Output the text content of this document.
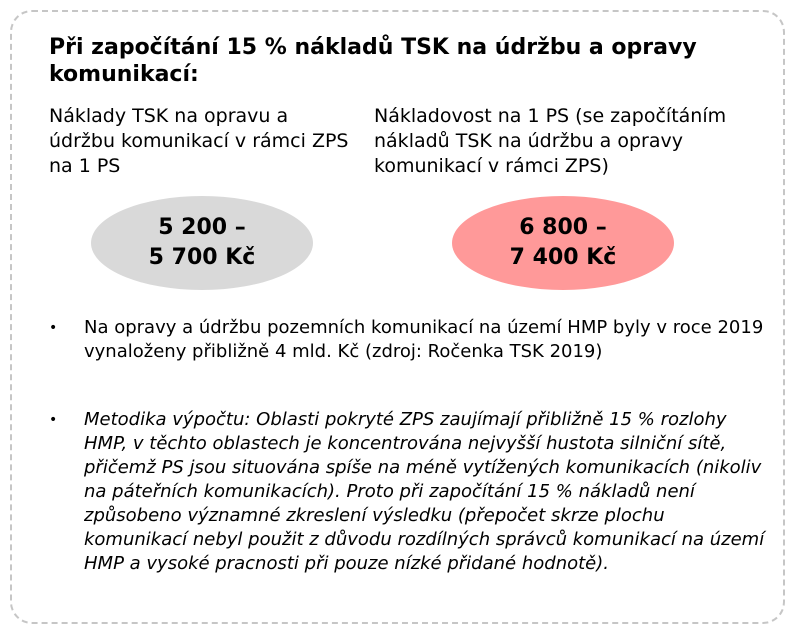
Při započítání 15 % nákladů TSK na údržbu a opravy komunikací:

Náklady TSK na opravu a údržbu komunikací v rámci ZPS na 1 PS

Nákladovost na 1 PS (se započítáním nákladů TSK na údržbu a opravy komunikací v rámci ZPS)

5 200 –
5 700 Kč
6 800 –
7 400 Kč
• Na opravy a údržbu pozemních komunikací na území HMP byly v roce 2019 vynaloženy přibližně 4 mld. Kč (zdroj: Ročenka TSK 2019)
• Metodika výpočtu: Oblasti pokryté ZPS zaujímají přibližně 15 % rozlohy HMP, v těchto oblastech je koncentrována nejvyšší hustota silniční sítě, přičemž PS jsou situována spíše na méně vytížených komunikacích (nikoliv na páteřních komunikacích). Proto při započítání 15 % nákladů není způsobeno významné zkreslení výsledku (přepočet skrze plochu komunikací nebyl použit z důvodu rozdílných správců komunikací na území HMP a vysoké pracnosti při pouze nízké přidané hodnotě).
